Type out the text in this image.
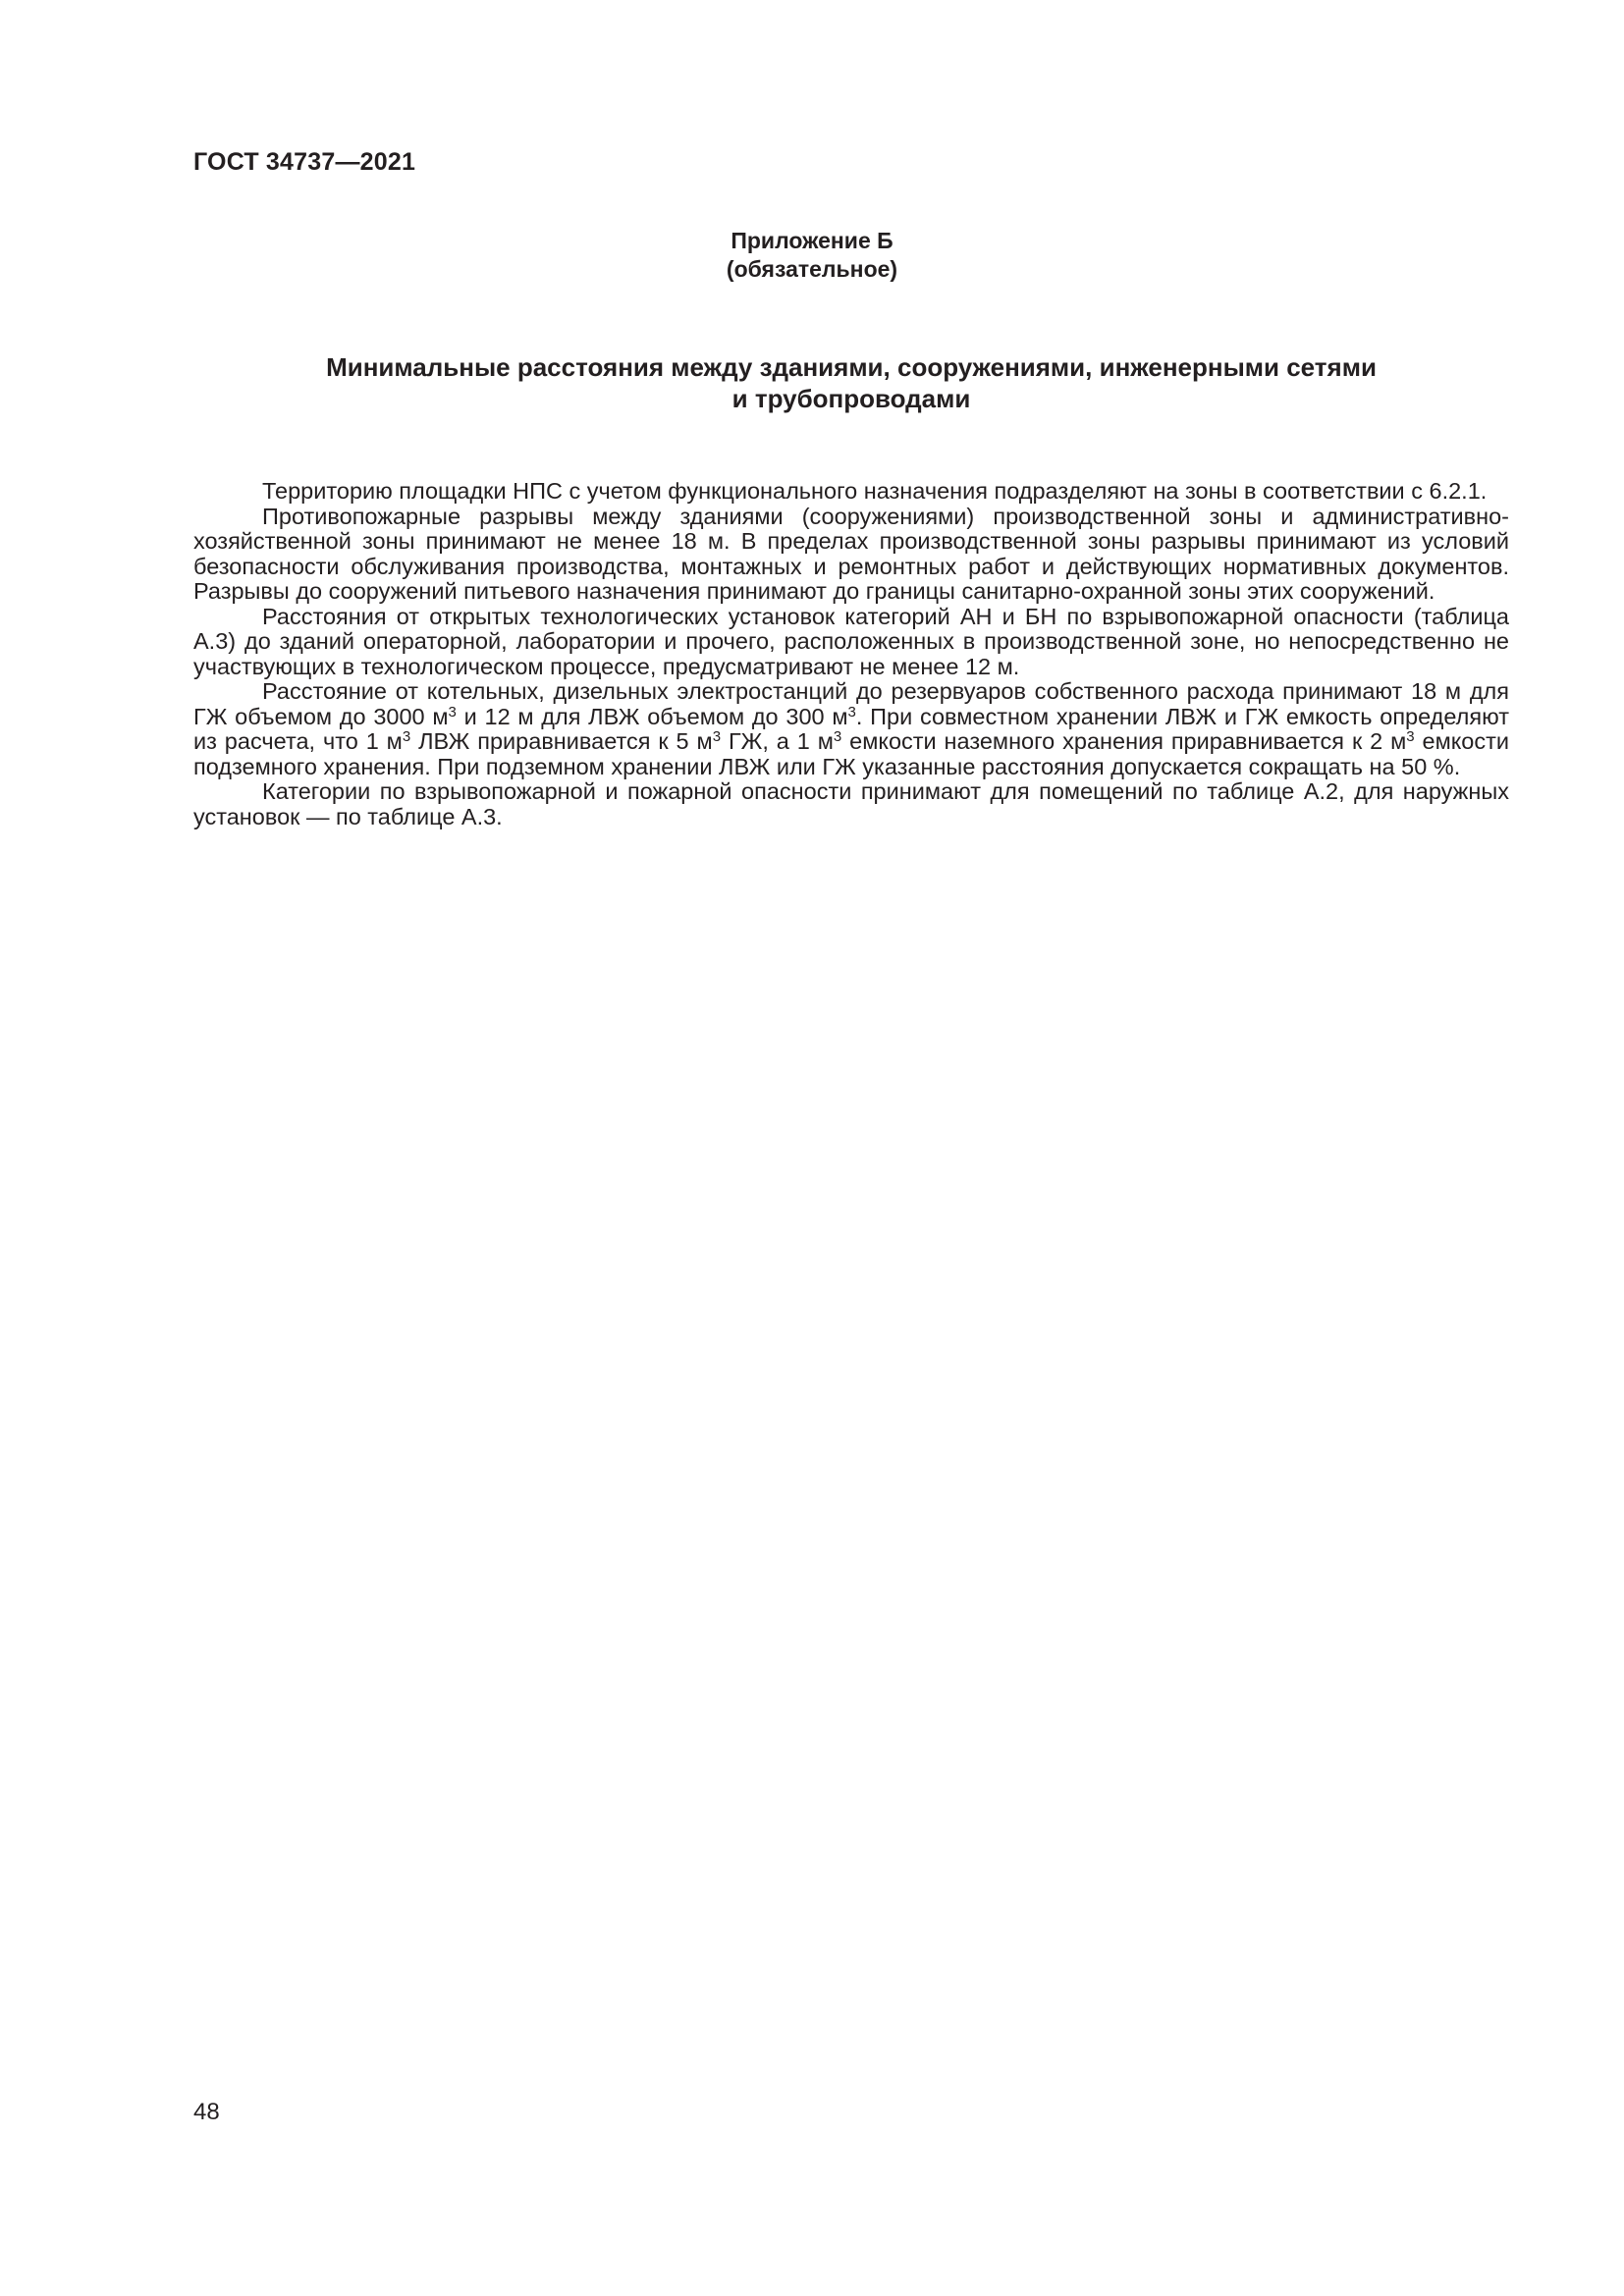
ГОСТ 34737—2021
Приложение Б
(обязательное)
Минимальные расстояния между зданиями, сооружениями, инженерными сетями
и трубопроводами

Территорию площадки НПС с учетом функционального назначения подразделяют на зоны в соответствии с 6.2.1.

Противопожарные разрывы между зданиями (сооружениями) производственной зоны и административно-хозяйственной зоны принимают не менее 18 м. В пределах производственной зоны разрывы принимают из условий безопасности обслуживания производства, монтажных и ремонтных работ и действующих нормативных документов. Разрывы до сооружений питьевого назначения принимают до границы санитарно-охранной зоны этих сооружений.

Расстояния от открытых технологических установок категорий АН и БН по взрывопожарной опасности (таблица А.3) до зданий операторной, лаборатории и прочего, расположенных в производственной зоне, но непосредственно не участвующих в технологическом процессе, предусматривают не менее 12 м.

Расстояние от котельных, дизельных электростанций до резервуаров собственного расхода принимают 18 м для ГЖ объемом до 3000 $м^3$ и 12 м для ЛВЖ объемом до 300 $м^3$. При совместном хранении ЛВЖ и ГЖ емкость определяют из расчета, что 1 $м^3$ ЛВЖ приравнивается к 5 $м^3$ ГЖ, а 1 $м^3$ емкости наземного хранения приравнивается к 2 $м^3$ емкости подземного хранения. При подземном хранении ЛВЖ или ГЖ указанные расстояния допускается сокращать на 50 %.

Категории по взрывопожарной и пожарной опасности принимают для помещений по таблице А.2, для наружных установок — по таблице А.3.

48
